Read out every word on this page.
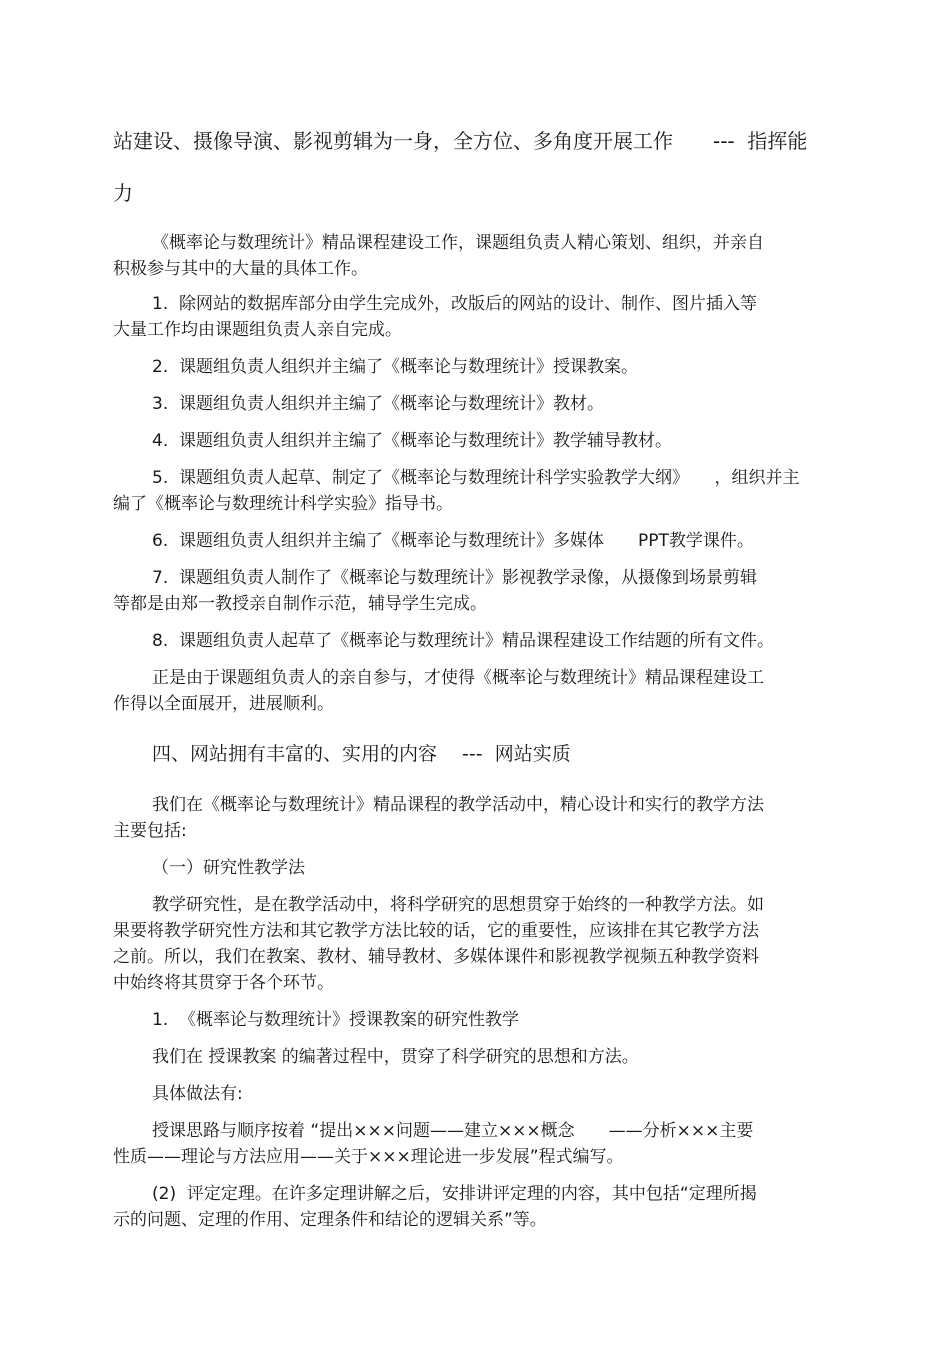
站建设、摄像导演、影视剪辑为一身，全方位、多角度开展工作　　---  指挥能
力
《概率论与数理统计》精品课程建设工作，课题组负责人精心策划、组织，并亲自
积极参与其中的大量的具体工作。
1.  除网站的数据库部分由学生完成外，改版后的网站的设计、制作、图片插入等
大量工作均由课题组负责人亲自完成。
2.  课题组负责人组织并主编了《概率论与数理统计》授课教案。
3.  课题组负责人组织并主编了《概率论与数理统计》教材。
4.  课题组负责人组织并主编了《概率论与数理统计》教学辅导教材。
5.  课题组负责人起草、制定了《概率论与数理统计科学实验教学大纲》　　，组织并主
编了《概率论与数理统计科学实验》指导书。
6.  课题组负责人组织并主编了《概率论与数理统计》多媒体　　PPT教学课件。
7.  课题组负责人制作了《概率论与数理统计》影视教学录像，从摄像到场景剪辑
等都是由郑一教授亲自制作示范，辅导学生完成。
8.  课题组负责人起草了《概率论与数理统计》精品课程建设工作结题的所有文件。
正是由于课题组负责人的亲自参与，才使得《概率论与数理统计》精品课程建设工
作得以全面展开，进展顺利。
四、网站拥有丰富的、实用的内容　 ---  网站实质
我们在《概率论与数理统计》精品课程的教学活动中，精心设计和实行的教学方法
主要包括:
（一）研究性教学法
教学研究性，是在教学活动中，将科学研究的思想贯穿于始终的一种教学方法。如
果要将教学研究性方法和其它教学方法比较的话，它的重要性，应该排在其它教学方法
之前。所以，我们在教案、教材、辅导教材、多媒体课件和影视教学视频五种教学资料
中始终将其贯穿于各个环节。
1.  《概率论与数理统计》授课教案的研究性教学
我们在 授课教案 的编著过程中，贯穿了科学研究的思想和方法。
具体做法有:
授课思路与顺序按着 “提出×××问题——建立×××概念　　——分析×××主要
性质——理论与方法应用——关于×××理论进一步发展”程式编写。
(2)  评定定理。在许多定理讲解之后，安排讲评定理的内容，其中包括“定理所揭
示的问题、定理的作用、定理条件和结论的逻辑关系”等。
